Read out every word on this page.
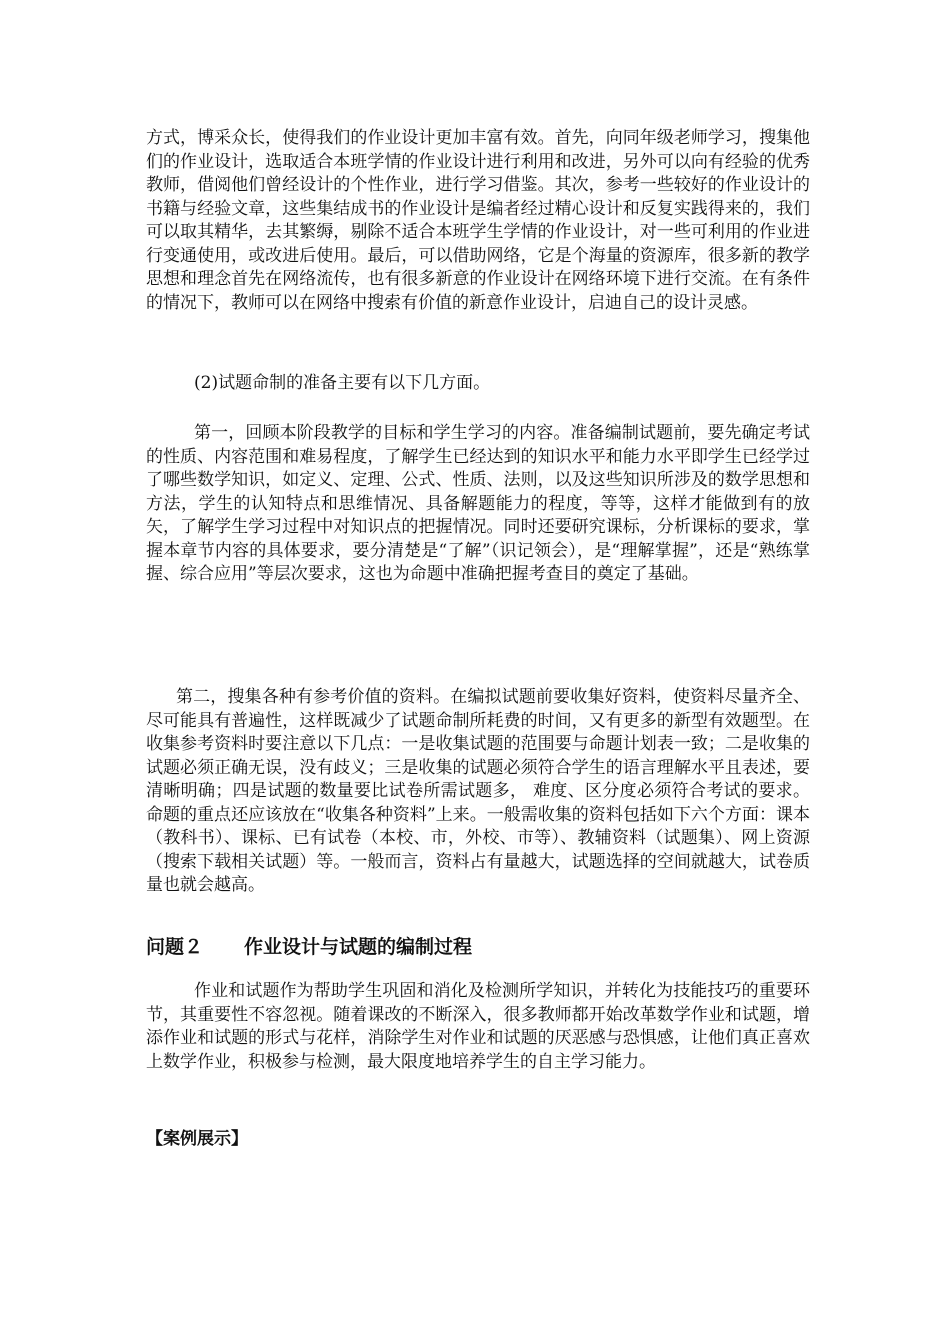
方式，博采众长，使得我们的作业设计更加丰富有效。首先，向同年级老师学习，搜集他们的作业设计，选取适合本班学情的作业设计进行利用和改进，另外可以向有经验的优秀教师，借阅他们曾经设计的个性作业，进行学习借鉴。其次，参考一些较好的作业设计的书籍与经验文章，这些集结成书的作业设计是编者经过精心设计和反复实践得来的，我们可以取其精华，去其繁缛，剔除不适合本班学生学情的作业设计，对一些可利用的作业进行变通使用，或改进后使用。最后，可以借助网络，它是个海量的资源库，很多新的教学思想和理念首先在网络流传，也有很多新意的作业设计在网络环境下进行交流。在有条件的情况下，教师可以在网络中搜索有价值的新意作业设计，启迪自己的设计灵感。

(2)试题命制的准备主要有以下几方面。

第一，回顾本阶段教学的目标和学生学习的内容。准备编制试题前，要先确定考试的性质、内容范围和难易程度，了解学生已经达到的知识水平和能力水平即学生已经学过了哪些数学知识，如定义、定理、公式、性质、法则，以及这些知识所涉及的数学思想和方法，学生的认知特点和思维情况、具备解题能力的程度，等等，这样才能做到有的放矢，了解学生学习过程中对知识点的把握情况。同时还要研究课标，分析课标的要求，掌握本章节内容的具体要求，要分清楚是“了解”（识记领会），是“理解掌握”，还是“熟练掌握、综合应用”等层次要求，这也为命题中准确把握考查目的奠定了基础。

第二，搜集各种有参考价值的资料。在编拟试题前要收集好资料，使资料尽量齐全、尽可能具有普遍性，这样既减少了试题命制所耗费的时间，又有更多的新型有效题型。在收集参考资料时要注意以下几点：一是收集试题的范围要与命题计划表一致；二是收集的试题必须正确无误，没有歧义；三是收集的试题必须符合学生的语言理解水平且表述，要清晰明确；四是试题的数量要比试卷所需试题多， 难度、区分度必须符合考试的要求。命题的重点还应该放在“收集各种资料”上来。一般需收集的资料包括如下六个方面：课本（教科书）、课标、已有试卷（本校、市，外校、市等）、教辅资料（试题集）、网上资源（搜索下载相关试题）等。一般而言，资料占有量越大，试题选择的空间就越大，试卷质量也就会越高。

问题２ 作业设计与试题的编制过程

作业和试题作为帮助学生巩固和消化及检测所学知识，并转化为技能技巧的重要环节，其重要性不容忽视。随着课改的不断深入，很多教师都开始改革数学作业和试题，增添作业和试题的形式与花样，消除学生对作业和试题的厌恶感与恐惧感，让他们真正喜欢上数学作业，积极参与检测，最大限度地培养学生的自主学习能力。

【案例展示】
